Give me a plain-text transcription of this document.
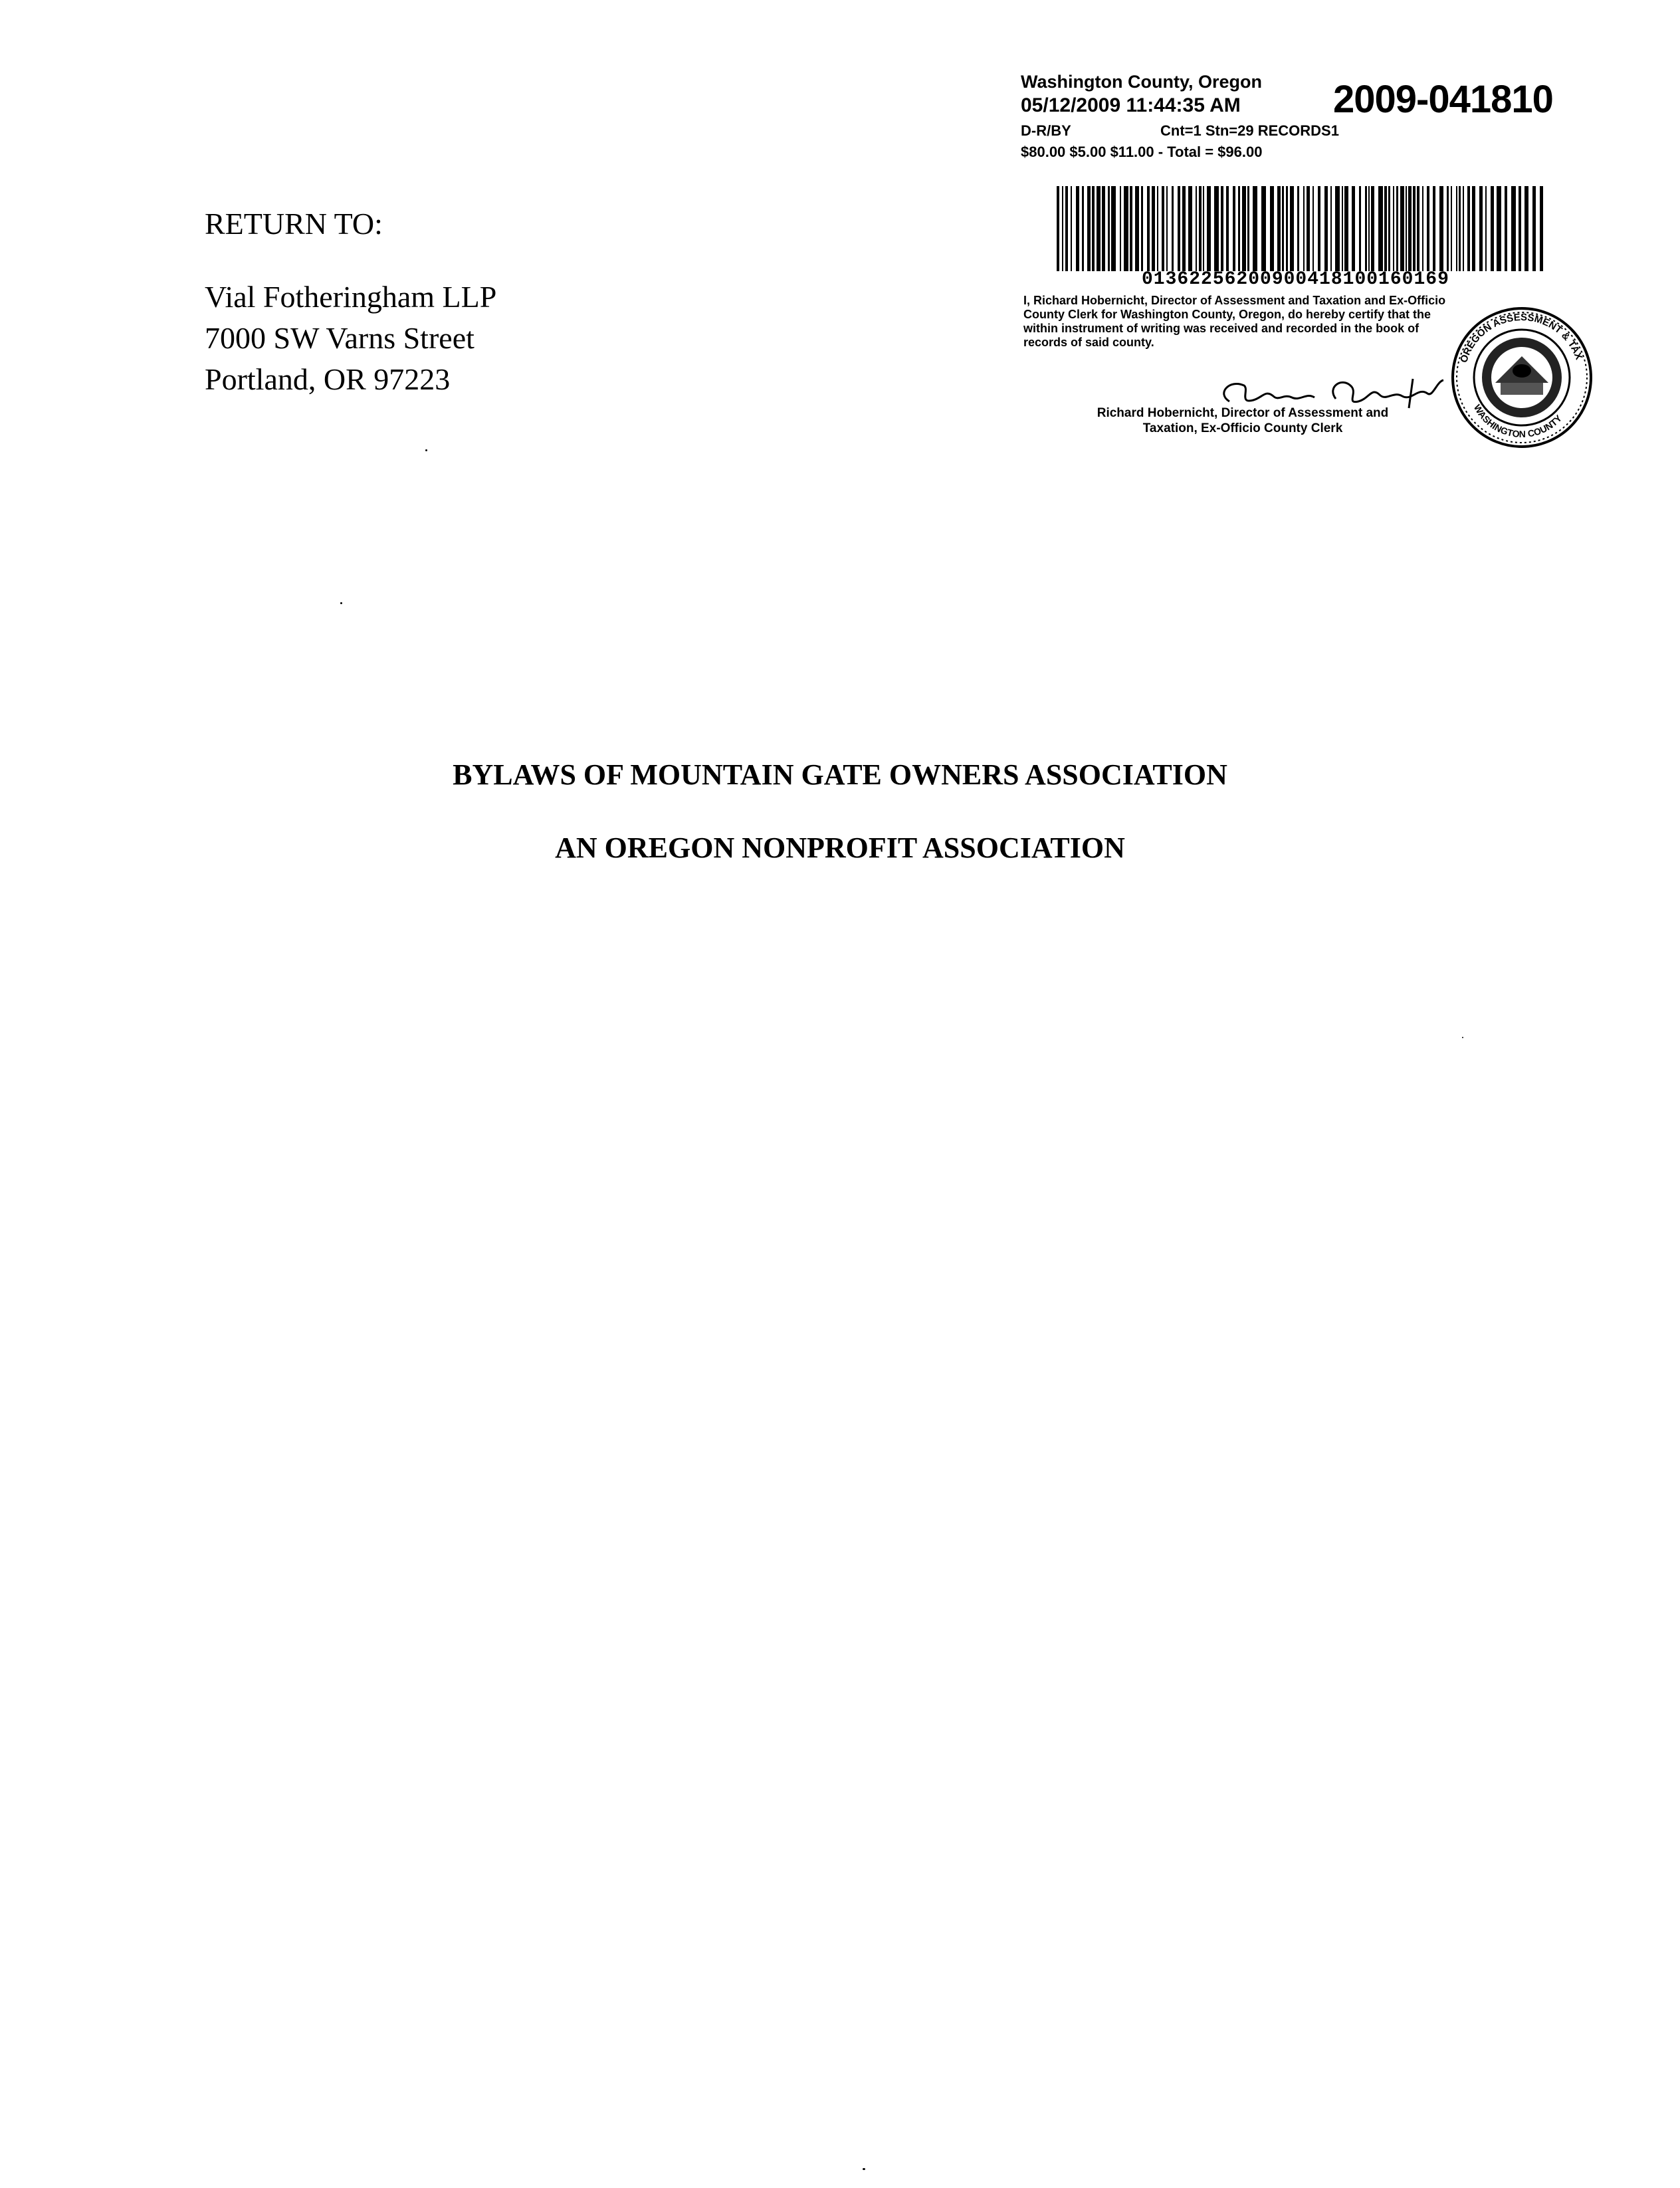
RETURN TO:
Vial Fotheringham LLP
7000 SW Varns Street
Portland, OR 97223
Washington County, Oregon
05/12/2009 11:44:35 AM 2009-041810
D-R/BY	Cnt=1 Stn=29 RECORDS1
$80.00 $5.00 $11.00 - Total = $96.00
01362256200900418100160169
I, Richard Hobernicht, Director of Assessment and Taxation and Ex-Officio County Clerk for Washington County, Oregon, do hereby certify that the within instrument of writing was received and recorded in the book of records of said county.
Richard Hobernicht, Director of Assessment and
Taxation, Ex-Officio County Clerk
OREGON ASSESSMENT & TAX
WASHINGTON COUNTY
BYLAWS OF MOUNTAIN GATE OWNERS ASSOCIATION
AN OREGON NONPROFIT ASSOCIATION
